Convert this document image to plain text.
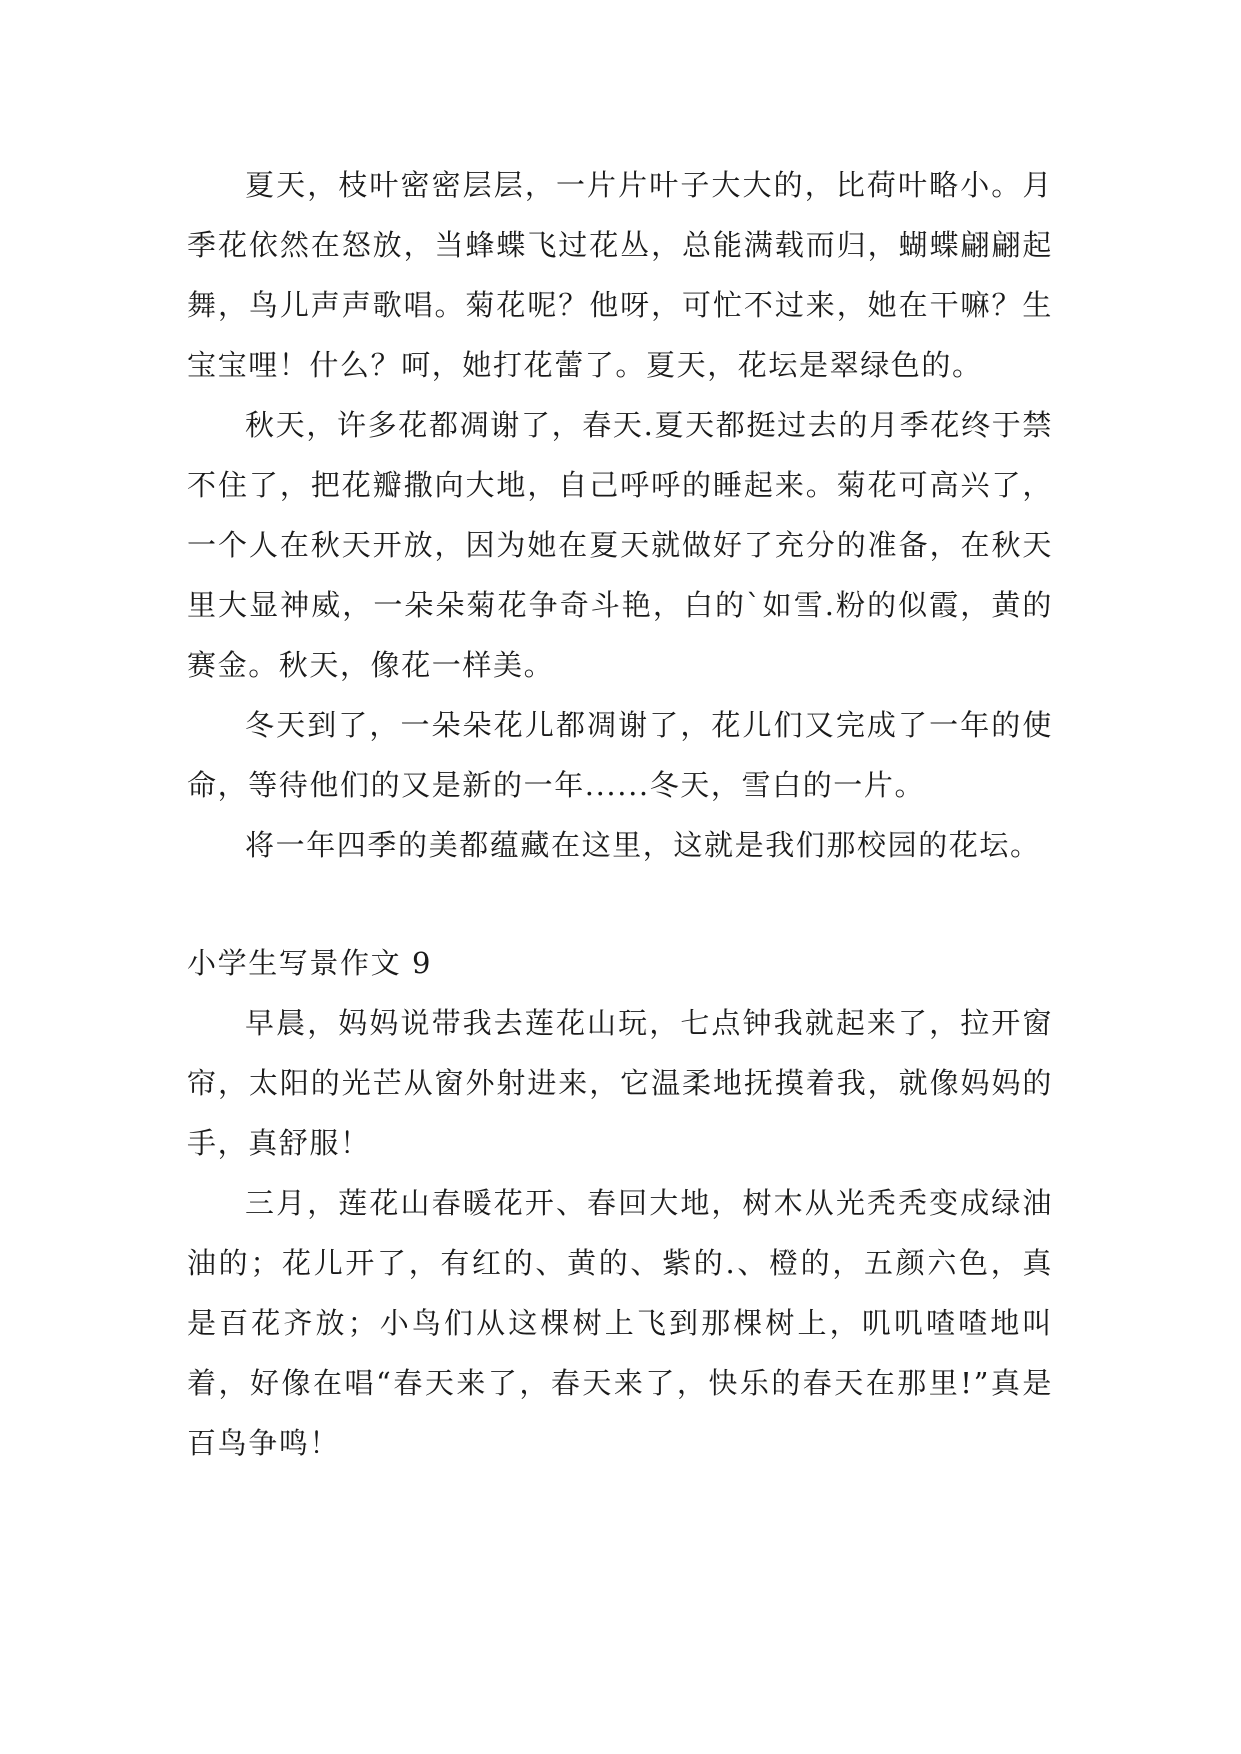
夏天，枝叶密密层层，一片片叶子大大的，比荷叶略小。月季花依然在怒放，当蜂蝶飞过花丛，总能满载而归，蝴蝶翩翩起舞，鸟儿声声歌唱。菊花呢？他呀，可忙不过来，她在干嘛？生宝宝哩！什么？呵，她打花蕾了。夏天，花坛是翠绿色的。

秋天，许多花都凋谢了，春天.夏天都挺过去的月季花终于禁不住了，把花瓣撒向大地，自己呼呼的睡起来。菊花可高兴了，一个人在秋天开放，因为她在夏天就做好了充分的准备，在秋天里大显神威，一朵朵菊花争奇斗艳，白的`如雪.粉的似霞，黄的赛金。秋天，像花一样美。

冬天到了，一朵朵花儿都凋谢了，花儿们又完成了一年的使命，等待他们的又是新的一年......冬天，雪白的一片。

将一年四季的美都蕴藏在这里，这就是我们那校园的花坛。

小学生写景作文 9

早晨，妈妈说带我去莲花山玩，七点钟我就起来了，拉开窗帘，太阳的光芒从窗外射进来，它温柔地抚摸着我，就像妈妈的手，真舒服！

三月，莲花山春暖花开、春回大地，树木从光秃秃变成绿油油的；花儿开了，有红的、黄的、紫的.、橙的，五颜六色，真是百花齐放；小鸟们从这棵树上飞到那棵树上，叽叽喳喳地叫着，好像在唱“春天来了，春天来了，快乐的春天在那里!”真是百鸟争鸣！
